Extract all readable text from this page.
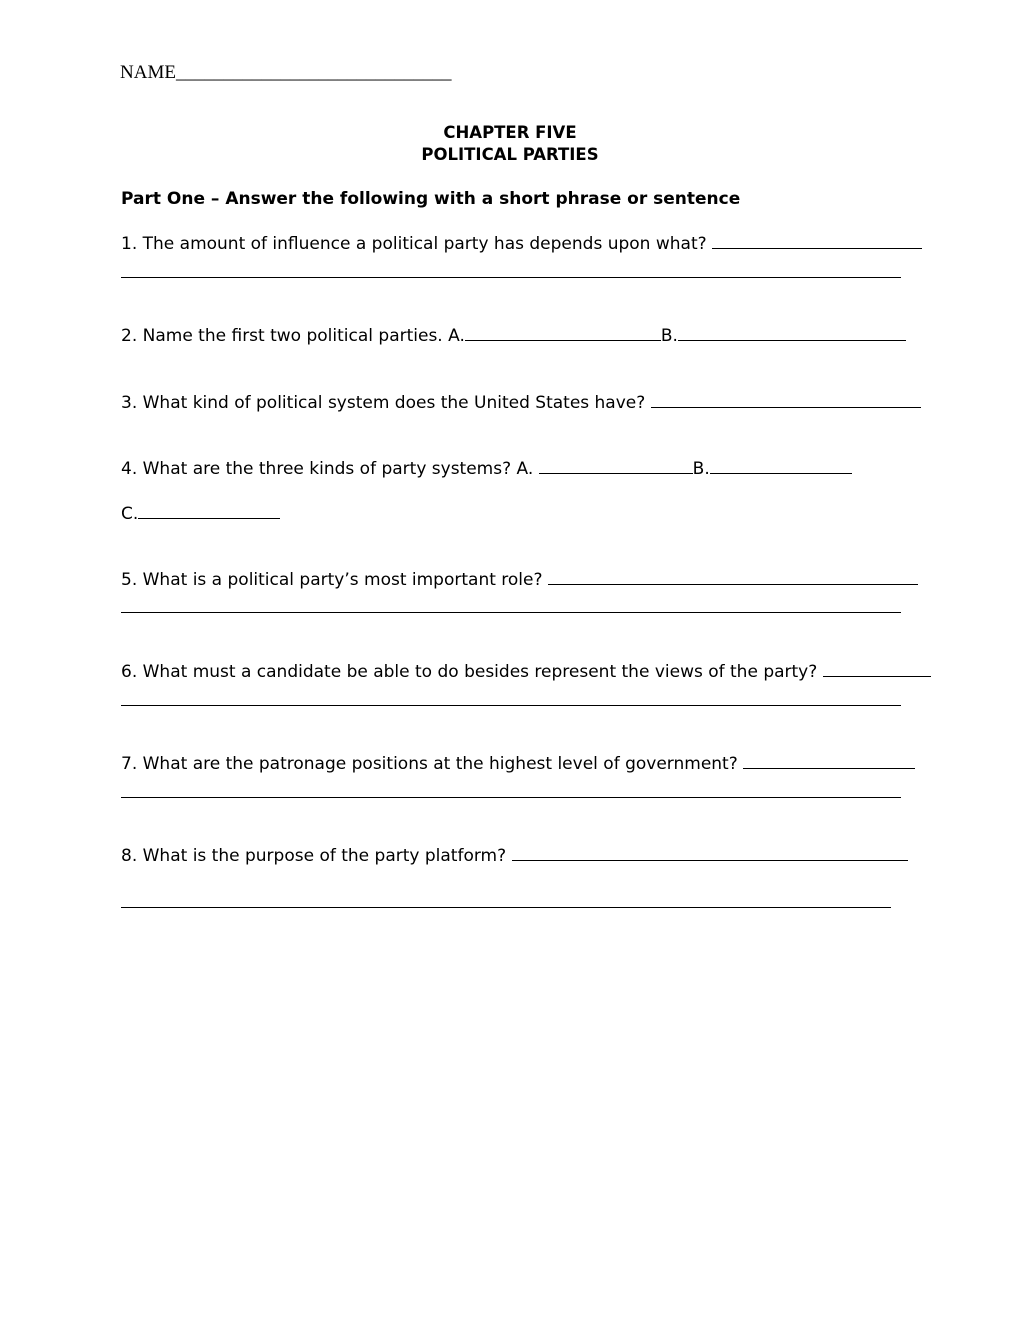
NAME_____________________________
CHAPTER FIVE
POLITICAL PARTIES
Part One – Answer the following with a short phrase or sentence
1. The amount of influence a political party has depends upon what?
2. Name the first two political parties. A.	B.
3. What kind of political system does the United States have?
4. What are the three kinds of party systems? A.	B.
C.
5. What is a political party’s most important role?
6. What must a candidate be able to do besides represent the views of the party?
7. What are the patronage positions at the highest level of government?
8. What is the purpose of the party platform?
